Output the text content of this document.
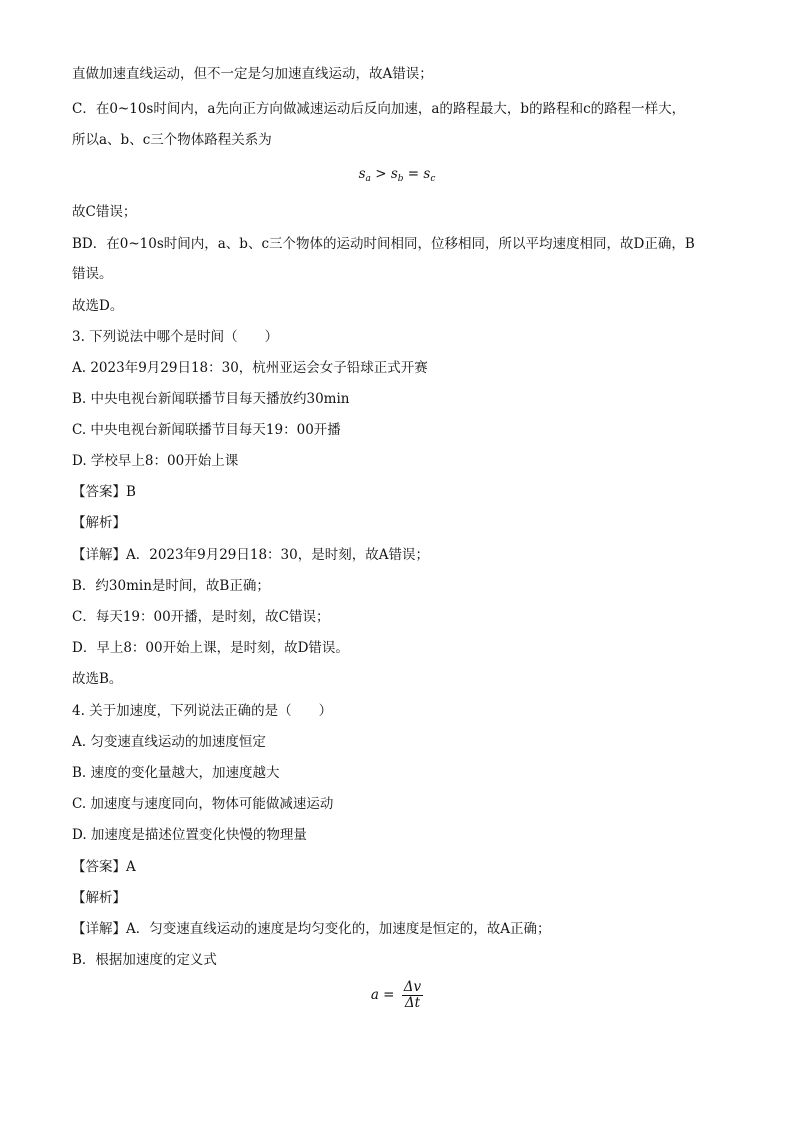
直做加速直线运动，但不一定是匀加速直线运动，故A错误；
C．在0~10s时间内，a先向正方向做减速运动后反向加速，a的路程最大，b的路程和c的路程一样大，
所以a、b、c三个物体路程关系为
$s_a > s_b = s_c$
故C错误；
BD．在0~10s时间内，a、b、c三个物体的运动时间相同，位移相同，所以平均速度相同，故D正确，B
错误。
故选D。
3. 下列说法中哪个是时间（　　）
A. 2023年9月29日18：30，杭州亚运会女子铅球正式开赛
B. 中央电视台新闻联播节目每天播放约30min
C. 中央电视台新闻联播节目每天19：00开播
D. 学校早上8：00开始上课
【答案】B
【解析】
【详解】A．2023年9月29日18：30，是时刻，故A错误；
B．约30min是时间，故B正确；
C．每天19：00开播，是时刻，故C错误；
D．早上8：00开始上课，是时刻，故D错误。
故选B。
4. 关于加速度，下列说法正确的是（　　）
A. 匀变速直线运动的加速度恒定
B. 速度的变化量越大，加速度越大
C. 加速度与速度同向，物体可能做减速运动
D. 加速度是描述位置变化快慢的物理量
【答案】A
【解析】
【详解】A．匀变速直线运动的速度是均匀变化的，加速度是恒定的，故A正确；
B．根据加速度的定义式
$a = \frac{\Delta v}{\Delta t}$
